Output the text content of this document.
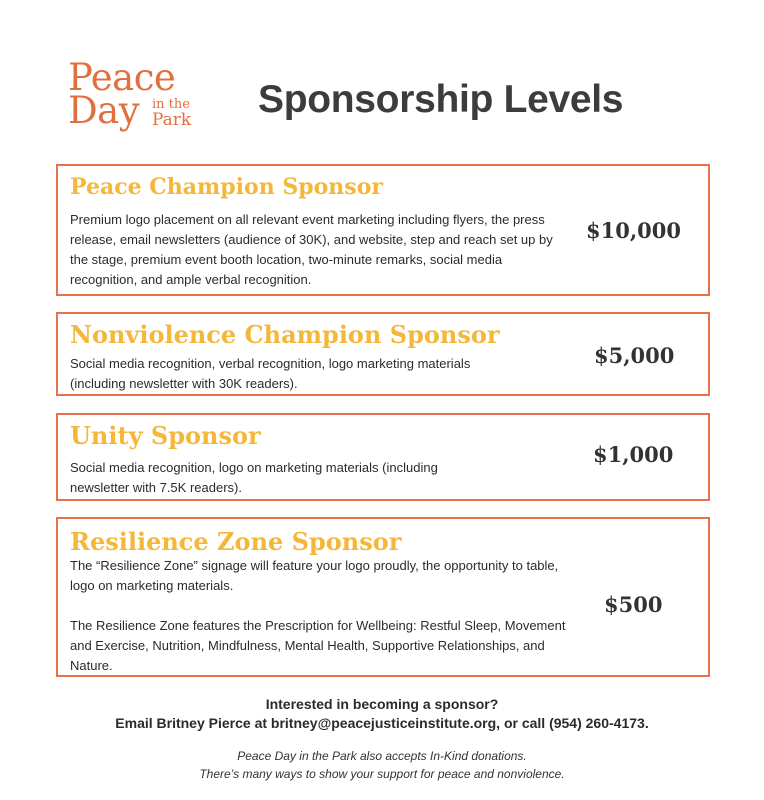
Peace
Day in the
Park Sponsorship Levels
Peace Champion Sponsor

Premium logo placement on all relevant event marketing including flyers, the press release, email newsletters (audience of 30K), and website, step and reach set up by the stage, premium event booth location, two-minute remarks, social media recognition, and ample verbal recognition.

$10,000
Nonviolence Champion Sponsor

Social media recognition, verbal recognition, logo marketing materials (including newsletter with 30K readers).

$5,000
Unity Sponsor

Social media recognition, logo on marketing materials (including newsletter with 7.5K readers).

$1,000
Resilience Zone Sponsor

The “Resilience Zone” signage will feature your logo proudly, the opportunity to table, logo on marketing materials.

The Resilience Zone features the Prescription for Wellbeing: Restful Sleep, Movement and Exercise, Nutrition, Mindfulness, Mental Health, Supportive Relationships, and Nature.

$500
Interested in becoming a sponsor?
Email Britney Pierce at britney@peacejusticeinstitute.org, or call (954) 260-4173.
Peace Day in the Park also accepts In-Kind donations.
There’s many ways to show your support for peace and nonviolence.
